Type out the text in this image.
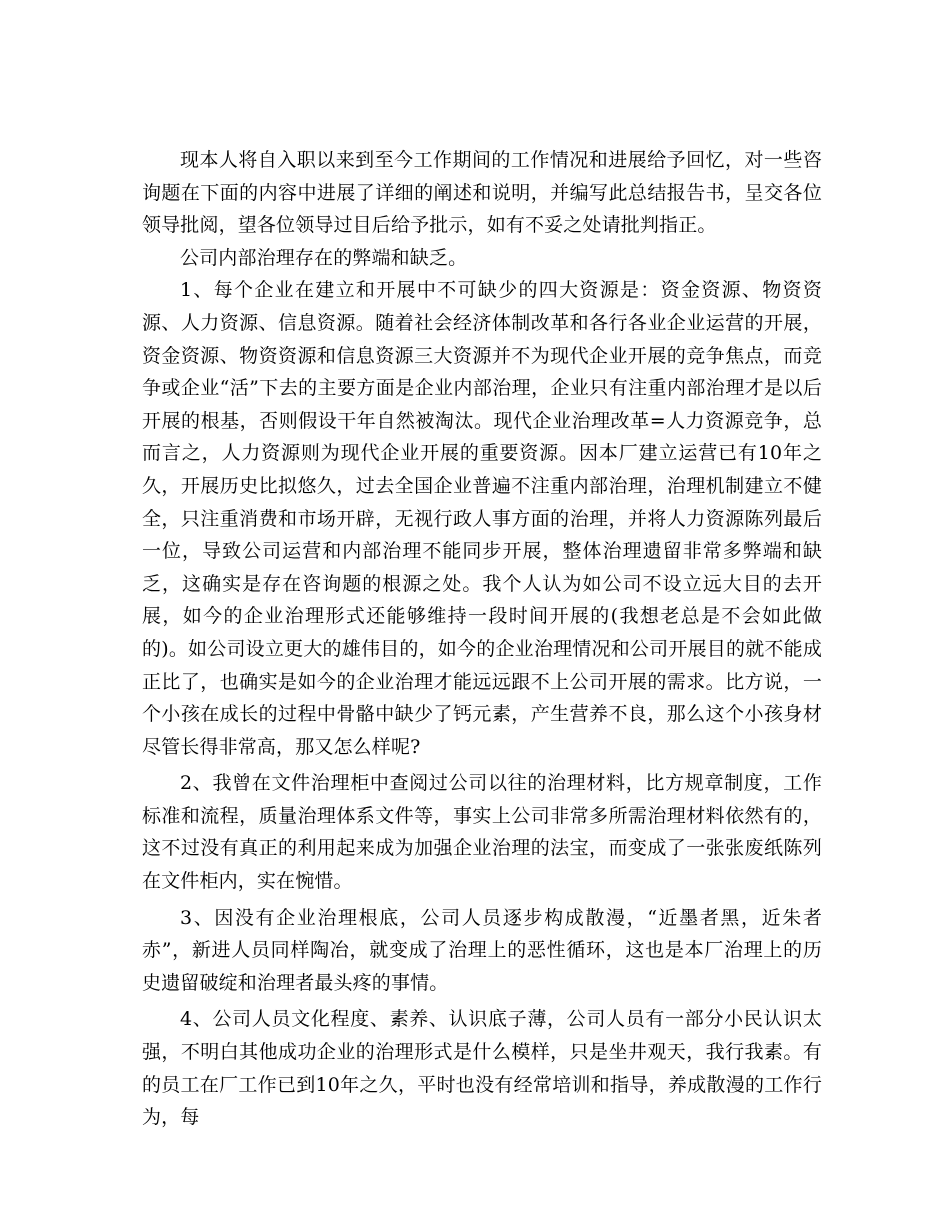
现本人将自入职以来到至今工作期间的工作情况和进展给予回忆，对一些咨询题在下面的内容中进展了详细的阐述和说明，并编写此总结报告书，呈交各位领导批阅，望各位领导过目后给予批示，如有不妥之处请批判指正。

公司内部治理存在的弊端和缺乏。

1、每个企业在建立和开展中不可缺少的四大资源是：资金资源、物资资源、人力资源、信息资源。随着社会经济体制改革和各行各业企业运营的开展，资金资源、物资资源和信息资源三大资源并不为现代企业开展的竞争焦点，而竞争或企业“活”下去的主要方面是企业内部治理，企业只有注重内部治理才是以后开展的根基，否则假设干年自然被淘汰。现代企业治理改革=人力资源竞争，总而言之，人力资源则为现代企业开展的重要资源。因本厂建立运营已有10年之久，开展历史比拟悠久，过去全国企业普遍不注重内部治理，治理机制建立不健全，只注重消费和市场开辟，无视行政人事方面的治理，并将人力资源陈列最后一位，导致公司运营和内部治理不能同步开展，整体治理遗留非常多弊端和缺乏，这确实是存在咨询题的根源之处。我个人认为如公司不设立远大目的去开展，如今的企业治理形式还能够维持一段时间开展的(我想老总是不会如此做的)。如公司设立更大的雄伟目的，如今的企业治理情况和公司开展目的就不能成正比了，也确实是如今的企业治理才能远远跟不上公司开展的需求。比方说，一个小孩在成长的过程中骨骼中缺少了钙元素，产生营养不良，那么这个小孩身材尽管长得非常高，那又怎么样呢?

2、我曾在文件治理柜中查阅过公司以往的治理材料，比方规章制度，工作标准和流程，质量治理体系文件等，事实上公司非常多所需治理材料依然有的，这不过没有真正的利用起来成为加强企业治理的法宝，而变成了一张张废纸陈列在文件柜内，实在惋惜。

3、因没有企业治理根底，公司人员逐步构成散漫，“近墨者黑，近朱者赤”，新进人员同样陶冶，就变成了治理上的恶性循环，这也是本厂治理上的历史遗留破绽和治理者最头疼的事情。

4、公司人员文化程度、素养、认识底子薄，公司人员有一部分小民认识太强，不明白其他成功企业的治理形式是什么模样，只是坐井观天，我行我素。有的员工在厂工作已到10年之久，平时也没有经常培训和指导，养成散漫的工作行为，每
